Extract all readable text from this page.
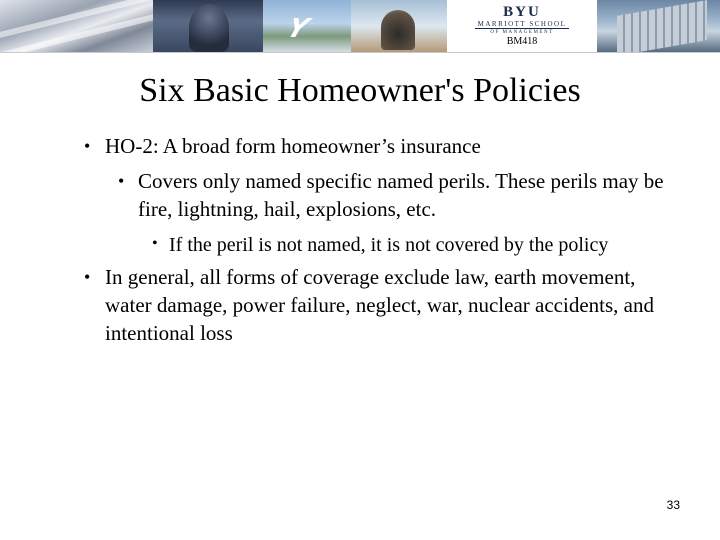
Y
BYU
MARRIOTT SCHOOL
OF MANAGEMENT
BM418
Six Basic Homeowner's Policies
• HO-2: A broad form homeowner’s insurance
• Covers only named specific named perils. These perils may be fire, lightning, hail, explosions, etc.
• If the peril is not named, it is not covered by the policy
• In general, all forms of coverage exclude law, earth movement, water damage, power failure, neglect, war, nuclear accidents, and intentional loss
33
